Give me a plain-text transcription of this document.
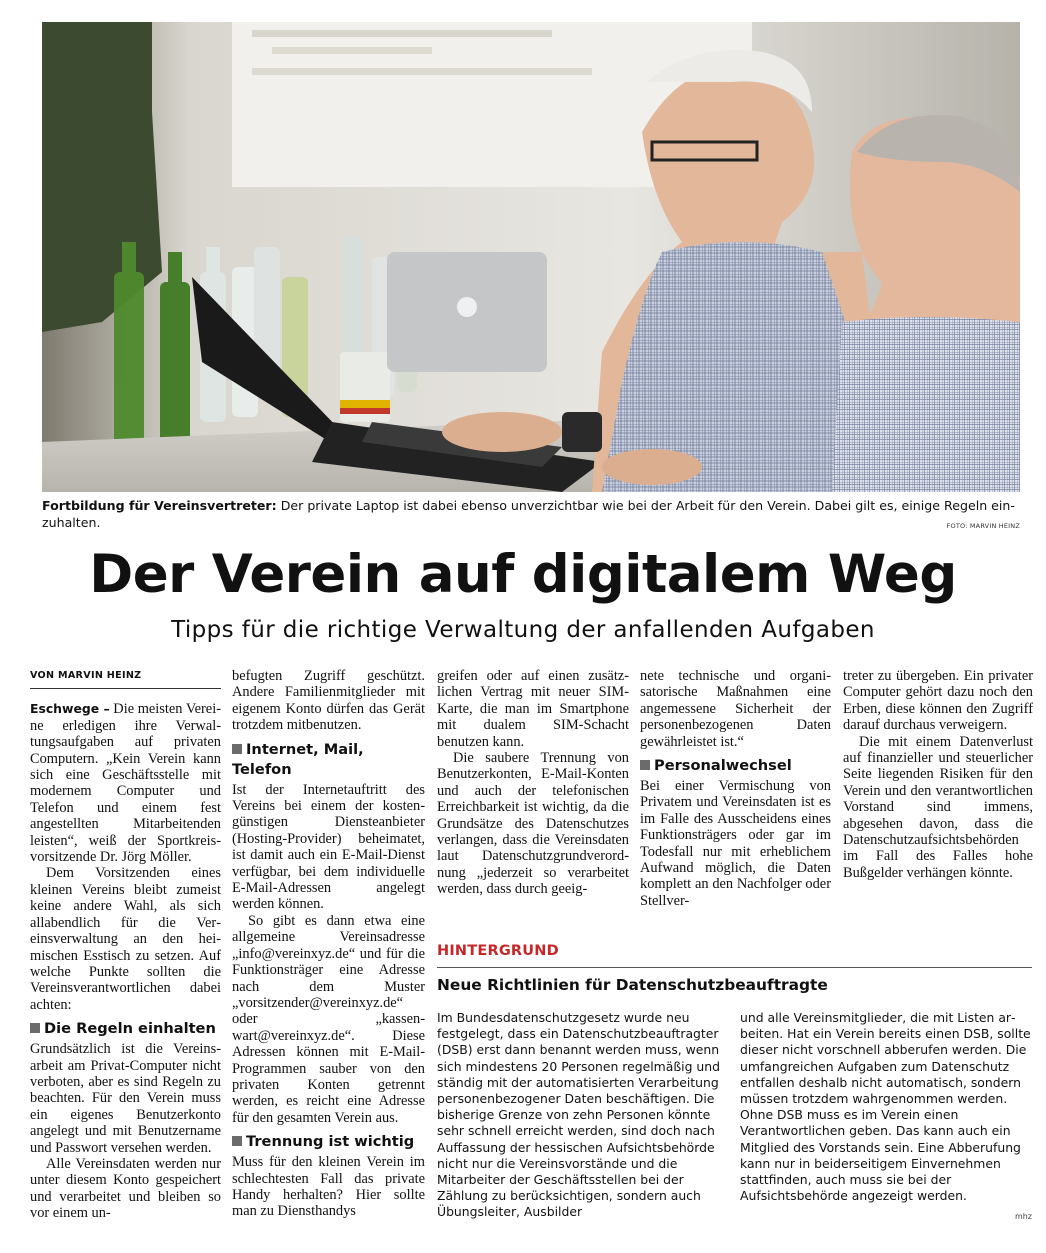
Fortbildung für Vereinsvertreter: Der private Laptop ist dabei ebenso unverzichtbar wie bei der Arbeit für den Verein. Dabei gilt es, einige Regeln einzuhalten.	FOTO: MARVIN HEINZ
Der Verein auf digitalem Weg
Tipps für die richtige Verwaltung der anfallenden Aufgaben
VON MARVIN HEINZ

Eschwege – Die meisten Vereine erledigen ihre Verwaltungsaufgaben auf privaten Computern. „Kein Verein kann sich eine Geschäftsstelle mit modernem Computer und Telefon und einem fest angestellten Mitarbeitenden leisten“, weiß der Sportkreisvorsitzende Dr. Jörg Möller.

Dem Vorsitzenden eines kleinen Vereins bleibt zumeist keine andere Wahl, als sich allabendlich für die Vereinsverwaltung an den heimischen Esstisch zu setzen. Auf welche Punkte sollten die Vereinsverantwortlichen dabei achten:

Die Regeln einhalten

Grundsätzlich ist die Vereinsarbeit am Privat-Computer nicht verboten, aber es sind Regeln zu beachten. Für den Verein muss ein eigenes Benutzerkonto angelegt und mit Benutzername und Passwort versehen werden.

Alle Vereinsdaten werden nur unter diesem Konto gespeichert und verarbeitet und bleiben so vor einem un-

befugten Zugriff geschützt. Andere Familienmitglieder mit eigenem Konto dürfen das Gerät trotzdem mitbenutzen.

Internet, Mail, Telefon

Ist der Internetauftritt des Vereins bei einem der kostengünstigen Diensteanbieter (Hosting-Provider) beheimatet, ist damit auch ein E-Mail-Dienst verfügbar, bei dem individuelle E-Mail-Adressen angelegt werden können.

So gibt es dann etwa eine allgemeine Vereinsadresse „info@vereinxyz.de“ und für die Funktionsträger eine Adresse nach dem Muster „vorsitzender@vereinxyz.de“ oder „kassenwart@vereinxyz.de“. Diese Adressen können mit E-Mail-Programmen sauber von den privaten Konten getrennt werden, es reicht eine Adresse für den gesamten Verein aus.

Trennung ist wichtig

Muss für den kleinen Verein im schlechtesten Fall das private Handy herhalten? Hier sollte man zu Diensthandys

greifen oder auf einen zusätzlichen Vertrag mit neuer SIM-Karte, die man im Smartphone mit dualem SIM-Schacht benutzen kann.

Die saubere Trennung von Benutzerkonten, E-Mail-Konten und auch der telefonischen Erreichbarkeit ist wichtig, da die Grundsätze des Datenschutzes verlangen, dass die Vereinsdaten laut Datenschutzgrundverordnung „jederzeit so verarbeitet werden, dass durch geeig-

nete technische und organisatorische Maßnahmen eine angemessene Sicherheit der personenbezogenen Daten gewährleistet ist.“

Personalwechsel

Bei einer Vermischung von Privatem und Vereinsdaten ist es im Falle des Ausscheidens eines Funktionsträgers oder gar im Todesfall nur mit erheblichem Aufwand möglich, die Daten komplett an den Nachfolger oder Stellver-

treter zu übergeben. Ein privater Computer gehört dazu noch den Erben, diese können den Zugriff darauf durchaus verweigern.

Die mit einem Datenverlust auf finanzieller und steuerlicher Seite liegenden Risiken für den Verein und den verantwortlichen Vorstand sind immens, abgesehen davon, dass die Datenschutzaufsichtsbehörden im Fall des Falles hohe Bußgelder verhängen könnte.

HINTERGRUND
Neue Richtlinien für Datenschutzbeauftragte

Im Bundesdatenschutzgesetz wurde neu festgelegt, dass ein Datenschutzbeauftragter (DSB) erst dann benannt werden muss, wenn sich mindestens 20 Personen regelmäßig und ständig mit der automatisierten Verarbeitung personenbezogener Daten beschäftigen. Die bisherige Grenze von zehn Personen könnte sehr schnell erreicht werden, sind doch nach Auffassung der hessischen Aufsichtsbehörde nicht nur die Vereinsvorstände und die Mitarbeiter der Geschäftsstellen bei der Zählung zu berücksichtigen, sondern auch Übungsleiter, Ausbilder

und alle Vereinsmitglieder, die mit Listen arbeiten. Hat ein Verein bereits einen DSB, sollte dieser nicht vorschnell abberufen werden. Die umfangreichen Aufgaben zum Datenschutz entfallen deshalb nicht automatisch, sondern müssen trotzdem wahrgenommen werden. Ohne DSB muss es im Verein einen Verantwortlichen geben. Das kann auch ein Mitglied des Vorstands sein. Eine Abberufung kann nur in beiderseitigem Einvernehmen stattfinden, auch muss sie bei der Aufsichtsbehörde angezeigt werden.

mhz
